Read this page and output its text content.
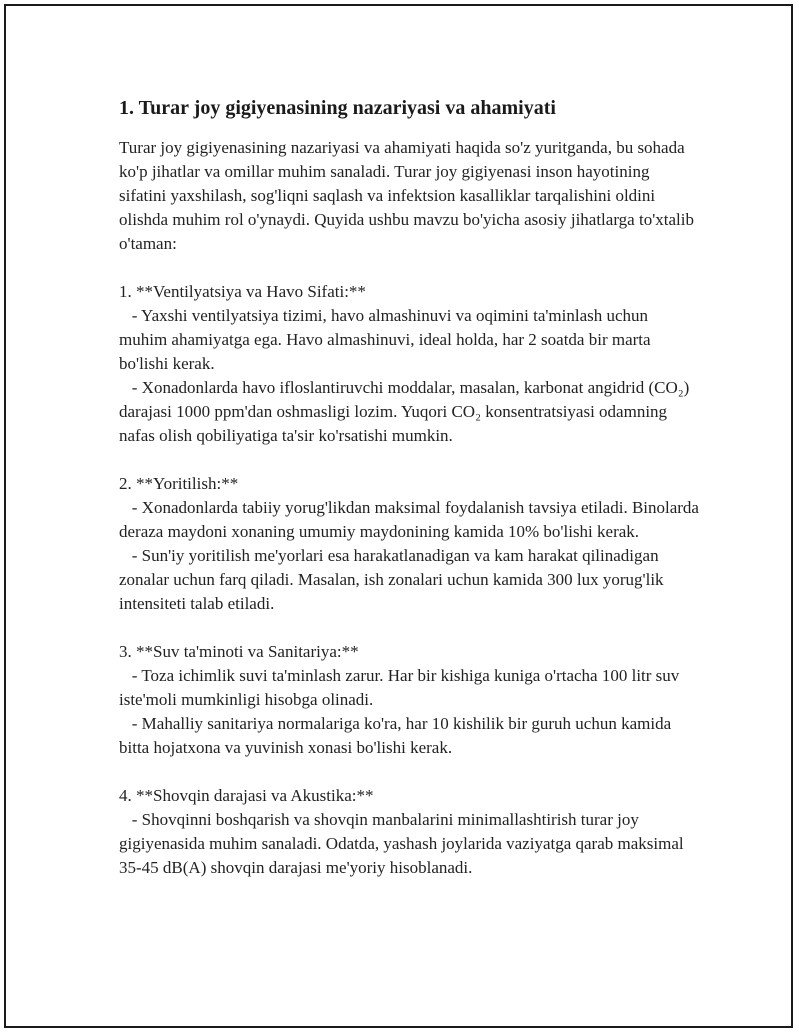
1. Turar joy gigiyenasining nazariyasi va ahamiyati

Turar joy gigiyenasining nazariyasi va ahamiyati haqida so'z yuritganda, bu sohada ko'p jihatlar va omillar muhim sanaladi. Turar joy gigiyenasi inson hayotining sifatini yaxshilash, sog'liqni saqlash va infektsion kasalliklar tarqalishini oldini olishda muhim rol o'ynaydi. Quyida ushbu mavzu bo'yicha asosiy jihatlarga to'xtalib o'taman:

1. **Ventilyatsiya va Havo Sifati:**

- Yaxshi ventilyatsiya tizimi, havo almashinuvi va oqimini ta'minlash uchun muhim ahamiyatga ega. Havo almashinuvi, ideal holda, har 2 soatda bir marta bo'lishi kerak.

- Xonadonlarda havo ifloslantiruvchi moddalar, masalan, karbonat angidrid (CO₂) darajasi 1000 ppm'dan oshmasligi lozim. Yuqori CO₂ konsentratsiyasi odamning nafas olish qobiliyatiga ta'sir ko'rsatishi mumkin.

2. **Yoritilish:**

- Xonadonlarda tabiiy yorug'likdan maksimal foydalanish tavsiya etiladi. Binolarda deraza maydoni xonaning umumiy maydonining kamida 10% bo'lishi kerak.

- Sun'iy yoritilish me'yorlari esa harakatlanadigan va kam harakat qilinadigan zonalar uchun farq qiladi. Masalan, ish zonalari uchun kamida 300 lux yorug'lik intensiteti talab etiladi.

3. **Suv ta'minoti va Sanitariya:**

- Toza ichimlik suvi ta'minlash zarur. Har bir kishiga kuniga o'rtacha 100 litr suv iste'moli mumkinligi hisobga olinadi.

- Mahalliy sanitariya normalariga ko'ra, har 10 kishilik bir guruh uchun kamida bitta hojatxona va yuvinish xonasi bo'lishi kerak.

4. **Shovqin darajasi va Akustika:**

- Shovqinni boshqarish va shovqin manbalarini minimallashtirish turar joy gigiyenasida muhim sanaladi. Odatda, yashash joylarida vaziyatga qarab maksimal 35-45 dB(A) shovqin darajasi me'yoriy hisoblanadi.
